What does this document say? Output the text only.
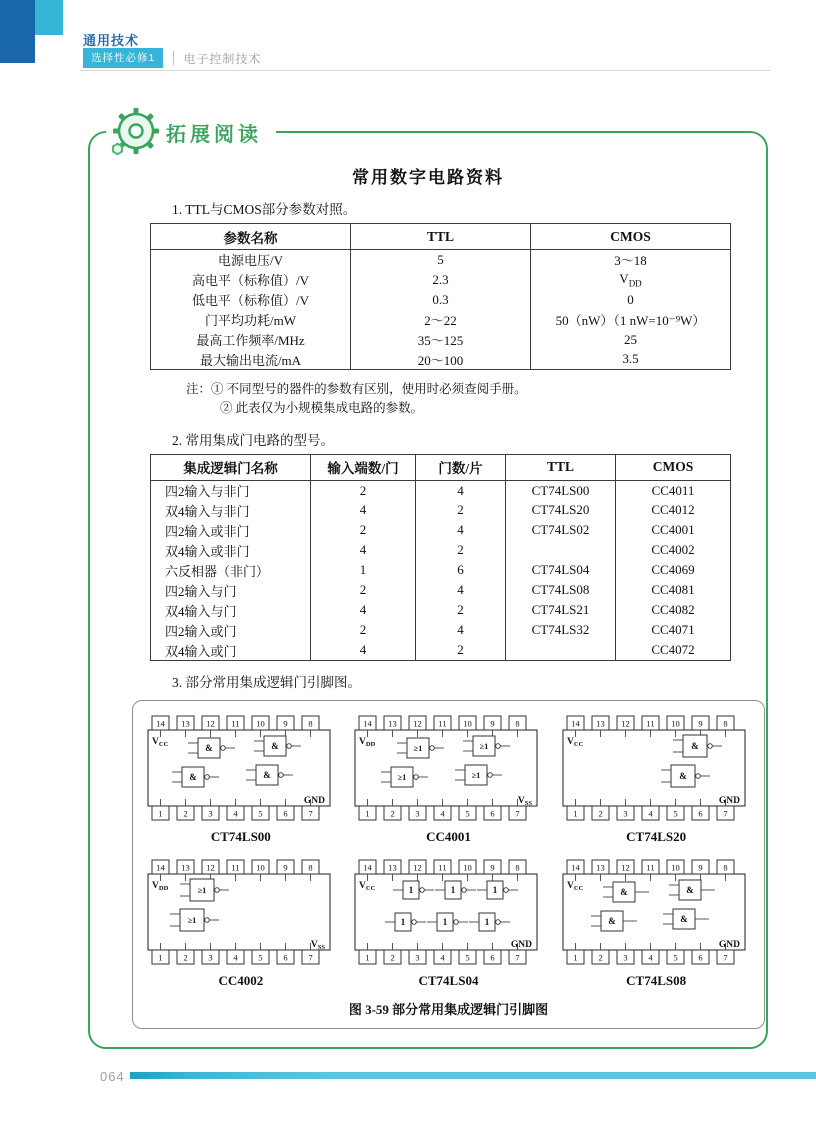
通用技术
选择性必修1	电子控制技术
拓展阅读
常用数字电路资料

1. TTL与CMOS部分参数对照。

参数名称	TTL	CMOS
电源电压/V	5	3～18
高电平（标称值）/V	2.3	$V_{DD}$
低电平（标称值）/V	0.3	0
门平均功耗/mW	2～22	50（nW）（1 nW=10⁻⁹W）
最高工作频率/MHz	35～125	25
最大输出电流/mA	20～100	3.5

注：① 不同型号的器件的参数有区别，使用时必须查阅手册。

② 此表仅为小规模集成电路的参数。

2. 常用集成门电路的型号。

集成逻辑门名称	输入端数/门	门数/片	TTL	CMOS
四2输入与非门	2	4	CT74LS00	CC4011
双4输入与非门	4	2	CT74LS20	CC4012
四2输入或非门	2	4	CT74LS02	CC4001
双4输入或非门	4	2		CC4002
六反相器（非门）	1	6	CT74LS04	CC4069
四2输入与门	2	4	CT74LS08	CC4081
双4输入与门	4	2	CT74LS21	CC4082
四2输入或门	2	4	CT74LS32	CC4071
双4输入或门	4	2		CC4072

3. 部分常用集成逻辑门引脚图。

14
1
13
2
12
3
11
4
10
5
9
6
8
7
&
&
&
&
$V_{CC}$
GND
CT74LS00
14
1
13
2
12
3
11
4
10
5
9
6
8
7
≥1
≥1
≥1
≥1
$V_{DD}$
$V_{SS}$
CC4001
14
1
13
2
12
3
11
4
10
5
9
6
8
7
&
&
$V_{CC}$
GND
CT74LS20
14
1
13
2
12
3
11
4
10
5
9
6
8
7
≥1
≥1
$V_{DD}$
$V_{SS}$
CC4002
14
1
13
2
12
3
11
4
10
5
9
6
8
7
1	1	1
1	1	1
$V_{CC}$
GND
CT74LS04
14
1
13
2
12
3
11
4
10
5
9
6
8
7
&	&
&	&
$V_{CC}$
GND
CT74LS08

图 3-59 部分常用集成逻辑门引脚图

064
